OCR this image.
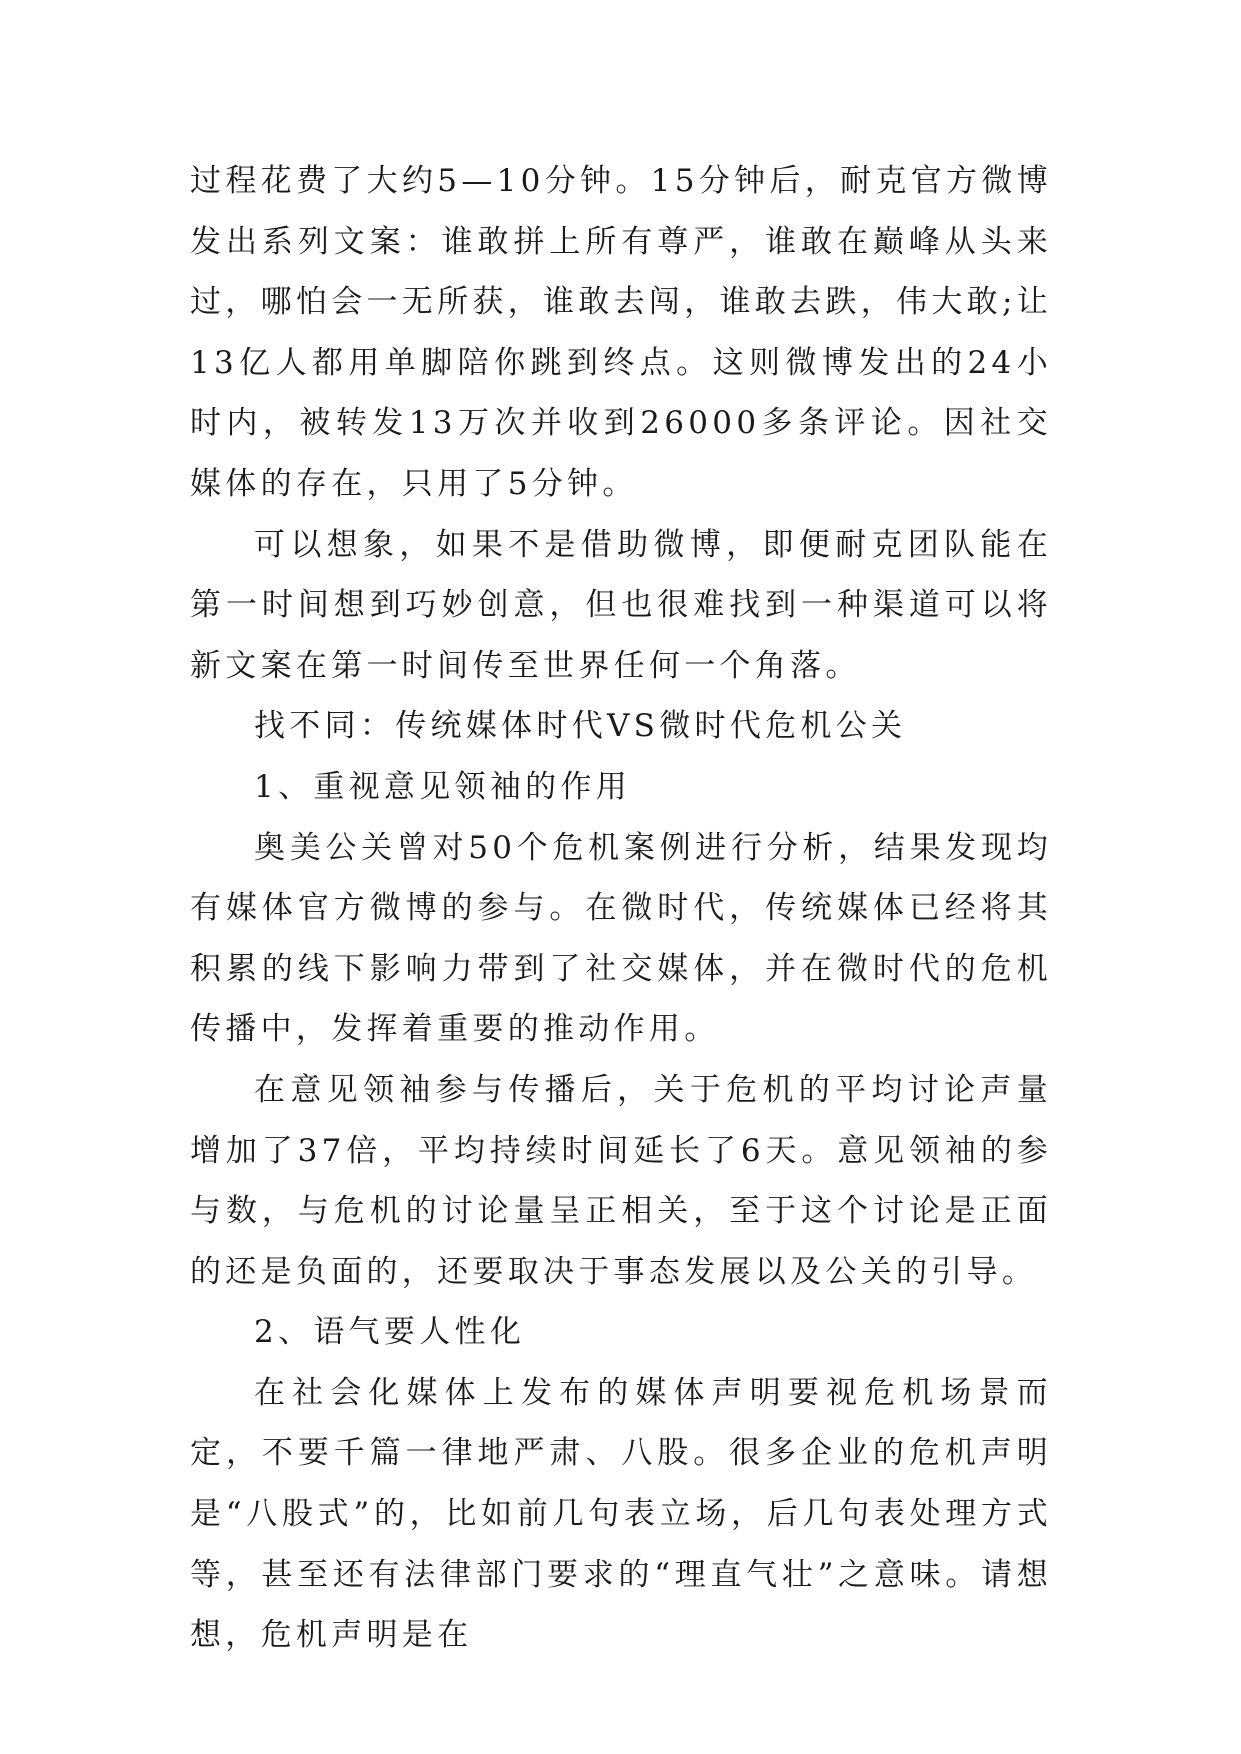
过程花费了大约5—10分钟。15分钟后，耐克官方微博发出系列文案：谁敢拼上所有尊严，谁敢在巅峰从头来过，哪怕会一无所获，谁敢去闯，谁敢去跌，伟大敢;让13亿人都用单脚陪你跳到终点。这则微博发出的24小时内，被转发13万次并收到26000多条评论。因社交媒体的存在，只用了5分钟。

可以想象，如果不是借助微博，即便耐克团队能在第一时间想到巧妙创意，但也很难找到一种渠道可以将新文案在第一时间传至世界任何一个角落。

找不同：传统媒体时代VS微时代危机公关

1、重视意见领袖的作用

奥美公关曾对50个危机案例进行分析，结果发现均有媒体官方微博的参与。在微时代，传统媒体已经将其积累的线下影响力带到了社交媒体，并在微时代的危机传播中，发挥着重要的推动作用。

在意见领袖参与传播后，关于危机的平均讨论声量增加了37倍，平均持续时间延长了6天。意见领袖的参与数，与危机的讨论量呈正相关，至于这个讨论是正面的还是负面的，还要取决于事态发展以及公关的引导。

2、语气要人性化

在社会化媒体上发布的媒体声明要视危机场景而定，不要千篇一律地严肃、八股。很多企业的危机声明是“八股式”的，比如前几句表立场，后几句表处理方式等，甚至还有法律部门要求的“理直气壮”之意味。请想想，危机声明是在
